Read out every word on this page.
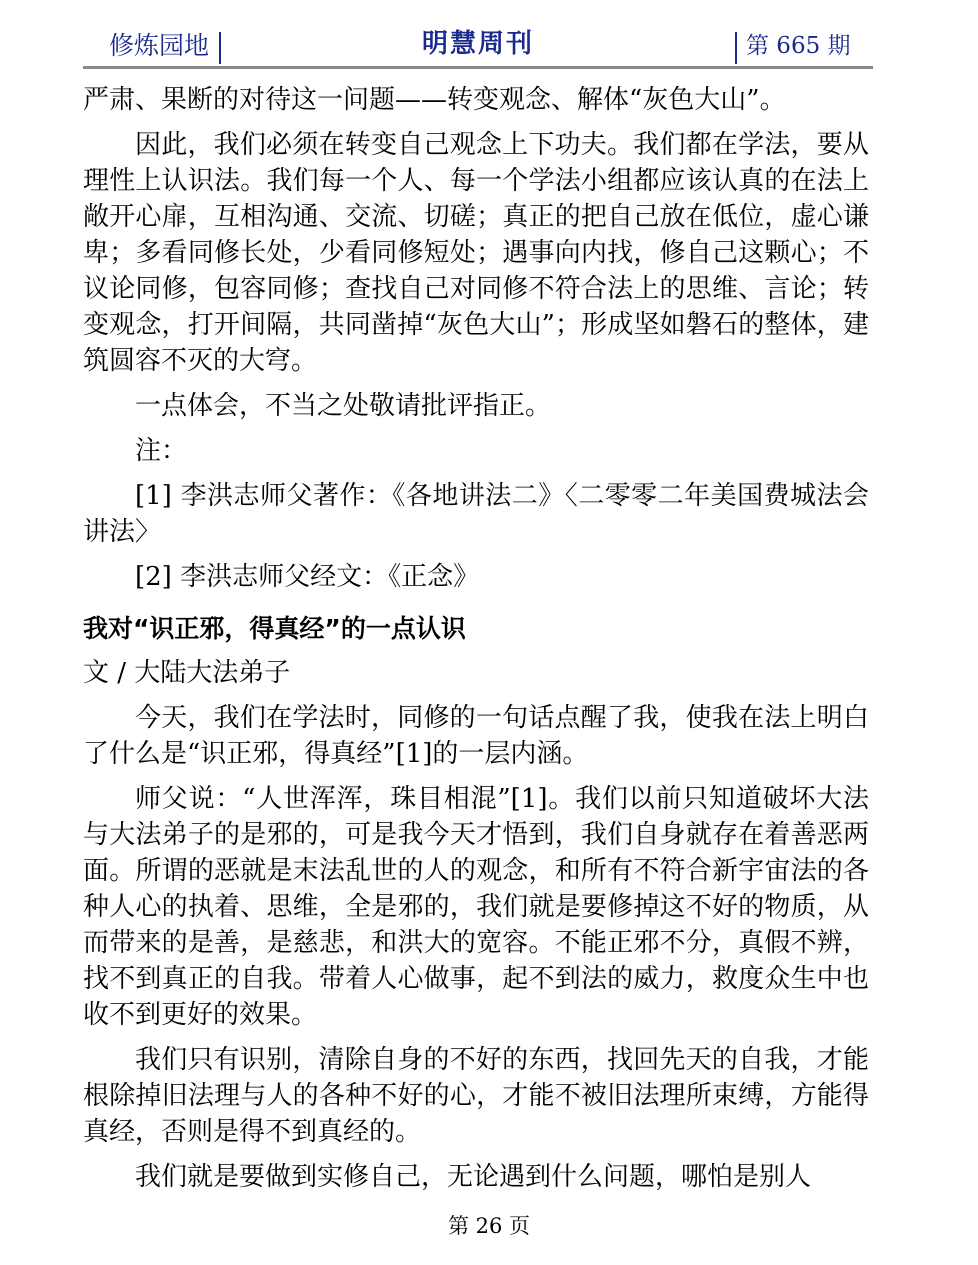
修炼园地	明慧周刊	第 665 期

严肃、果断的对待这一问题——转变观念、解体“灰色大山”。

因此，我们必须在转变自己观念上下功夫。我们都在学法，要从理性上认识法。我们每一个人、每一个学法小组都应该认真的在法上敞开心扉，互相沟通、交流、切磋；真正的把自己放在低位，虚心谦卑；多看同修长处，少看同修短处；遇事向内找，修自己这颗心；不议论同修，包容同修；查找自己对同修不符合法上的思维、言论；转变观念，打开间隔，共同凿掉“灰色大山”；形成坚如磐石的整体，建筑圆容不灭的大穹。

一点体会，不当之处敬请批评指正。

注：

[1] 李洪志师父著作：《各地讲法二》〈二零零二年美国费城法会讲法〉

[2] 李洪志师父经文：《正念》

我对“识正邪，得真经”的一点认识

文 / 大陆大法弟子

今天，我们在学法时，同修的一句话点醒了我，使我在法上明白了什么是“识正邪，得真经”[1]的一层内涵。

师父说：“人世浑浑，珠目相混”[1]。我们以前只知道破坏大法与大法弟子的是邪的，可是我今天才悟到，我们自身就存在着善恶两面。所谓的恶就是末法乱世的人的观念，和所有不符合新宇宙法的各种人心的执着、思维，全是邪的，我们就是要修掉这不好的物质，从而带来的是善，是慈悲，和洪大的宽容。不能正邪不分，真假不辨，找不到真正的自我。带着人心做事，起不到法的威力，救度众生中也收不到更好的效果。

我们只有识别，清除自身的不好的东西，找回先天的自我，才能根除掉旧法理与人的各种不好的心，才能不被旧法理所束缚，方能得真经，否则是得不到真经的。

我们就是要做到实修自己，无论遇到什么问题，哪怕是别人

第 26 页
